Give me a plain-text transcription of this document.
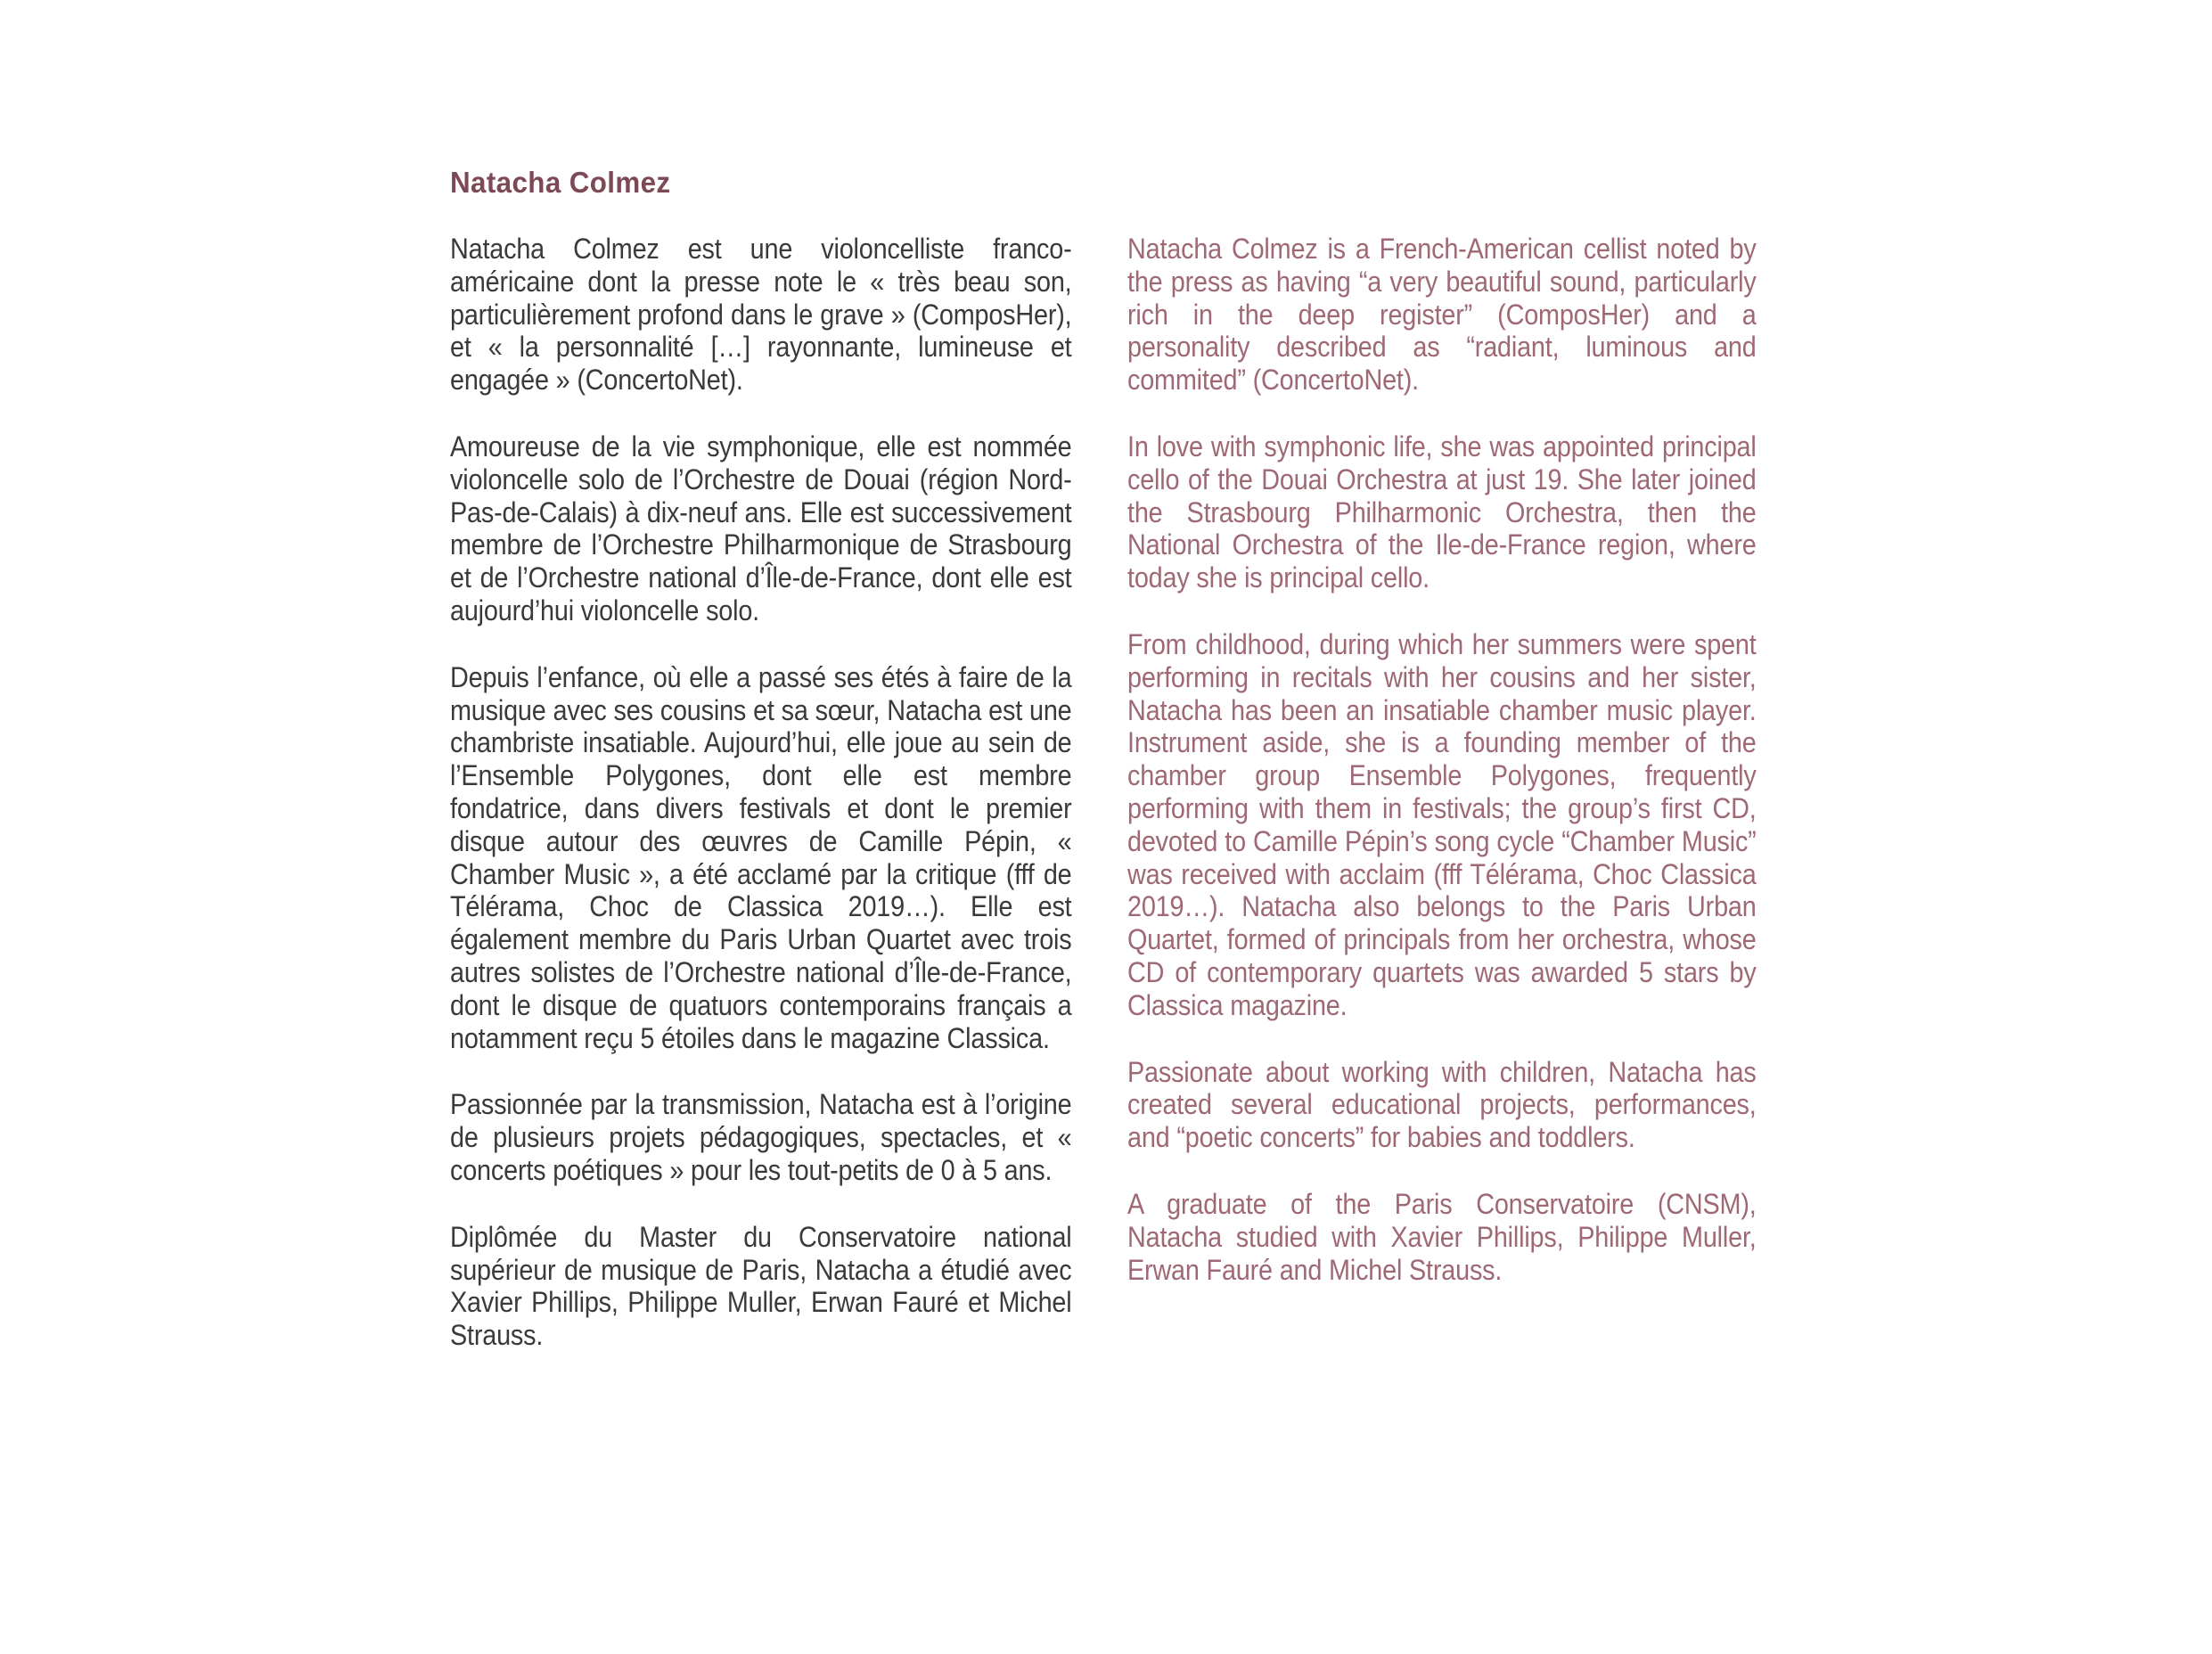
Natacha Colmez

Natacha Colmez est une violoncelliste franco-américaine dont la presse note le « très beau son, particulièrement profond dans le grave » (ComposHer), et « la personnalité […] rayonnante, lumineuse et engagée » (ConcertoNet).

Amoureuse de la vie symphonique, elle est nommée violoncelle solo de l’Orchestre de Douai (région Nord-Pas-de-Calais) à dix-neuf ans. Elle est successivement membre de l’Orchestre Philharmonique de Strasbourg et de l’Orchestre national d’Île-de-France, dont elle est aujourd’hui violoncelle solo.

Depuis l’enfance, où elle a passé ses étés à faire de la musique avec ses cousins et sa sœur, Natacha est une chambriste insatiable. Aujourd’hui, elle joue au sein de l’Ensemble Polygones, dont elle est membre fondatrice, dans divers festivals et dont le premier disque autour des œuvres de Camille Pépin, « Chamber Music », a été acclamé par la critique (fff de Télérama, Choc de Classica 2019…). Elle est également membre du Paris Urban Quartet avec trois autres solistes de l’Orchestre national d’Île-de-France, dont le disque de quatuors contemporains français a notamment reçu 5 étoiles dans le magazine Classica.

Passionnée par la transmission, Natacha est à l’origine de plusieurs projets pédagogiques, spectacles, et « concerts poétiques » pour les tout-petits de 0 à 5 ans.

Diplômée du Master du Conservatoire national supérieur de musique de Paris, Natacha a étudié avec Xavier Phillips, Philippe Muller, Erwan Fauré et Michel Strauss.

Natacha Colmez is a French-American cellist noted by the press as having “a very beautiful sound, particularly rich in the deep register” (ComposHer) and a personality described as “radiant, luminous and commited” (ConcertoNet).

In love with symphonic life, she was appointed principal cello of the Douai Orchestra at just 19. She later joined the Strasbourg Philharmonic Orchestra, then the National Orchestra of the Ile-de-France region, where today she is principal cello.

From childhood, during which her summers were spent performing in recitals with her cousins and her sister, Natacha has been an insatiable chamber music player. Instrument aside, she is a founding member of the chamber group Ensemble Polygones, frequently performing with them in festivals; the group’s first CD, devoted to Camille Pépin’s song cycle “Chamber Music” was received with acclaim (fff Télérama, Choc Classica 2019…). Natacha also belongs to the Paris Urban Quartet, formed of principals from her orchestra, whose CD of contemporary quartets was awarded 5 stars by Classica magazine.

Passionate about working with children, Natacha has created several educational projects, performances, and “poetic concerts” for babies and toddlers.

A graduate of the Paris Conservatoire (CNSM), Natacha studied with Xavier Phillips, Philippe Muller, Erwan Fauré and Michel Strauss.
